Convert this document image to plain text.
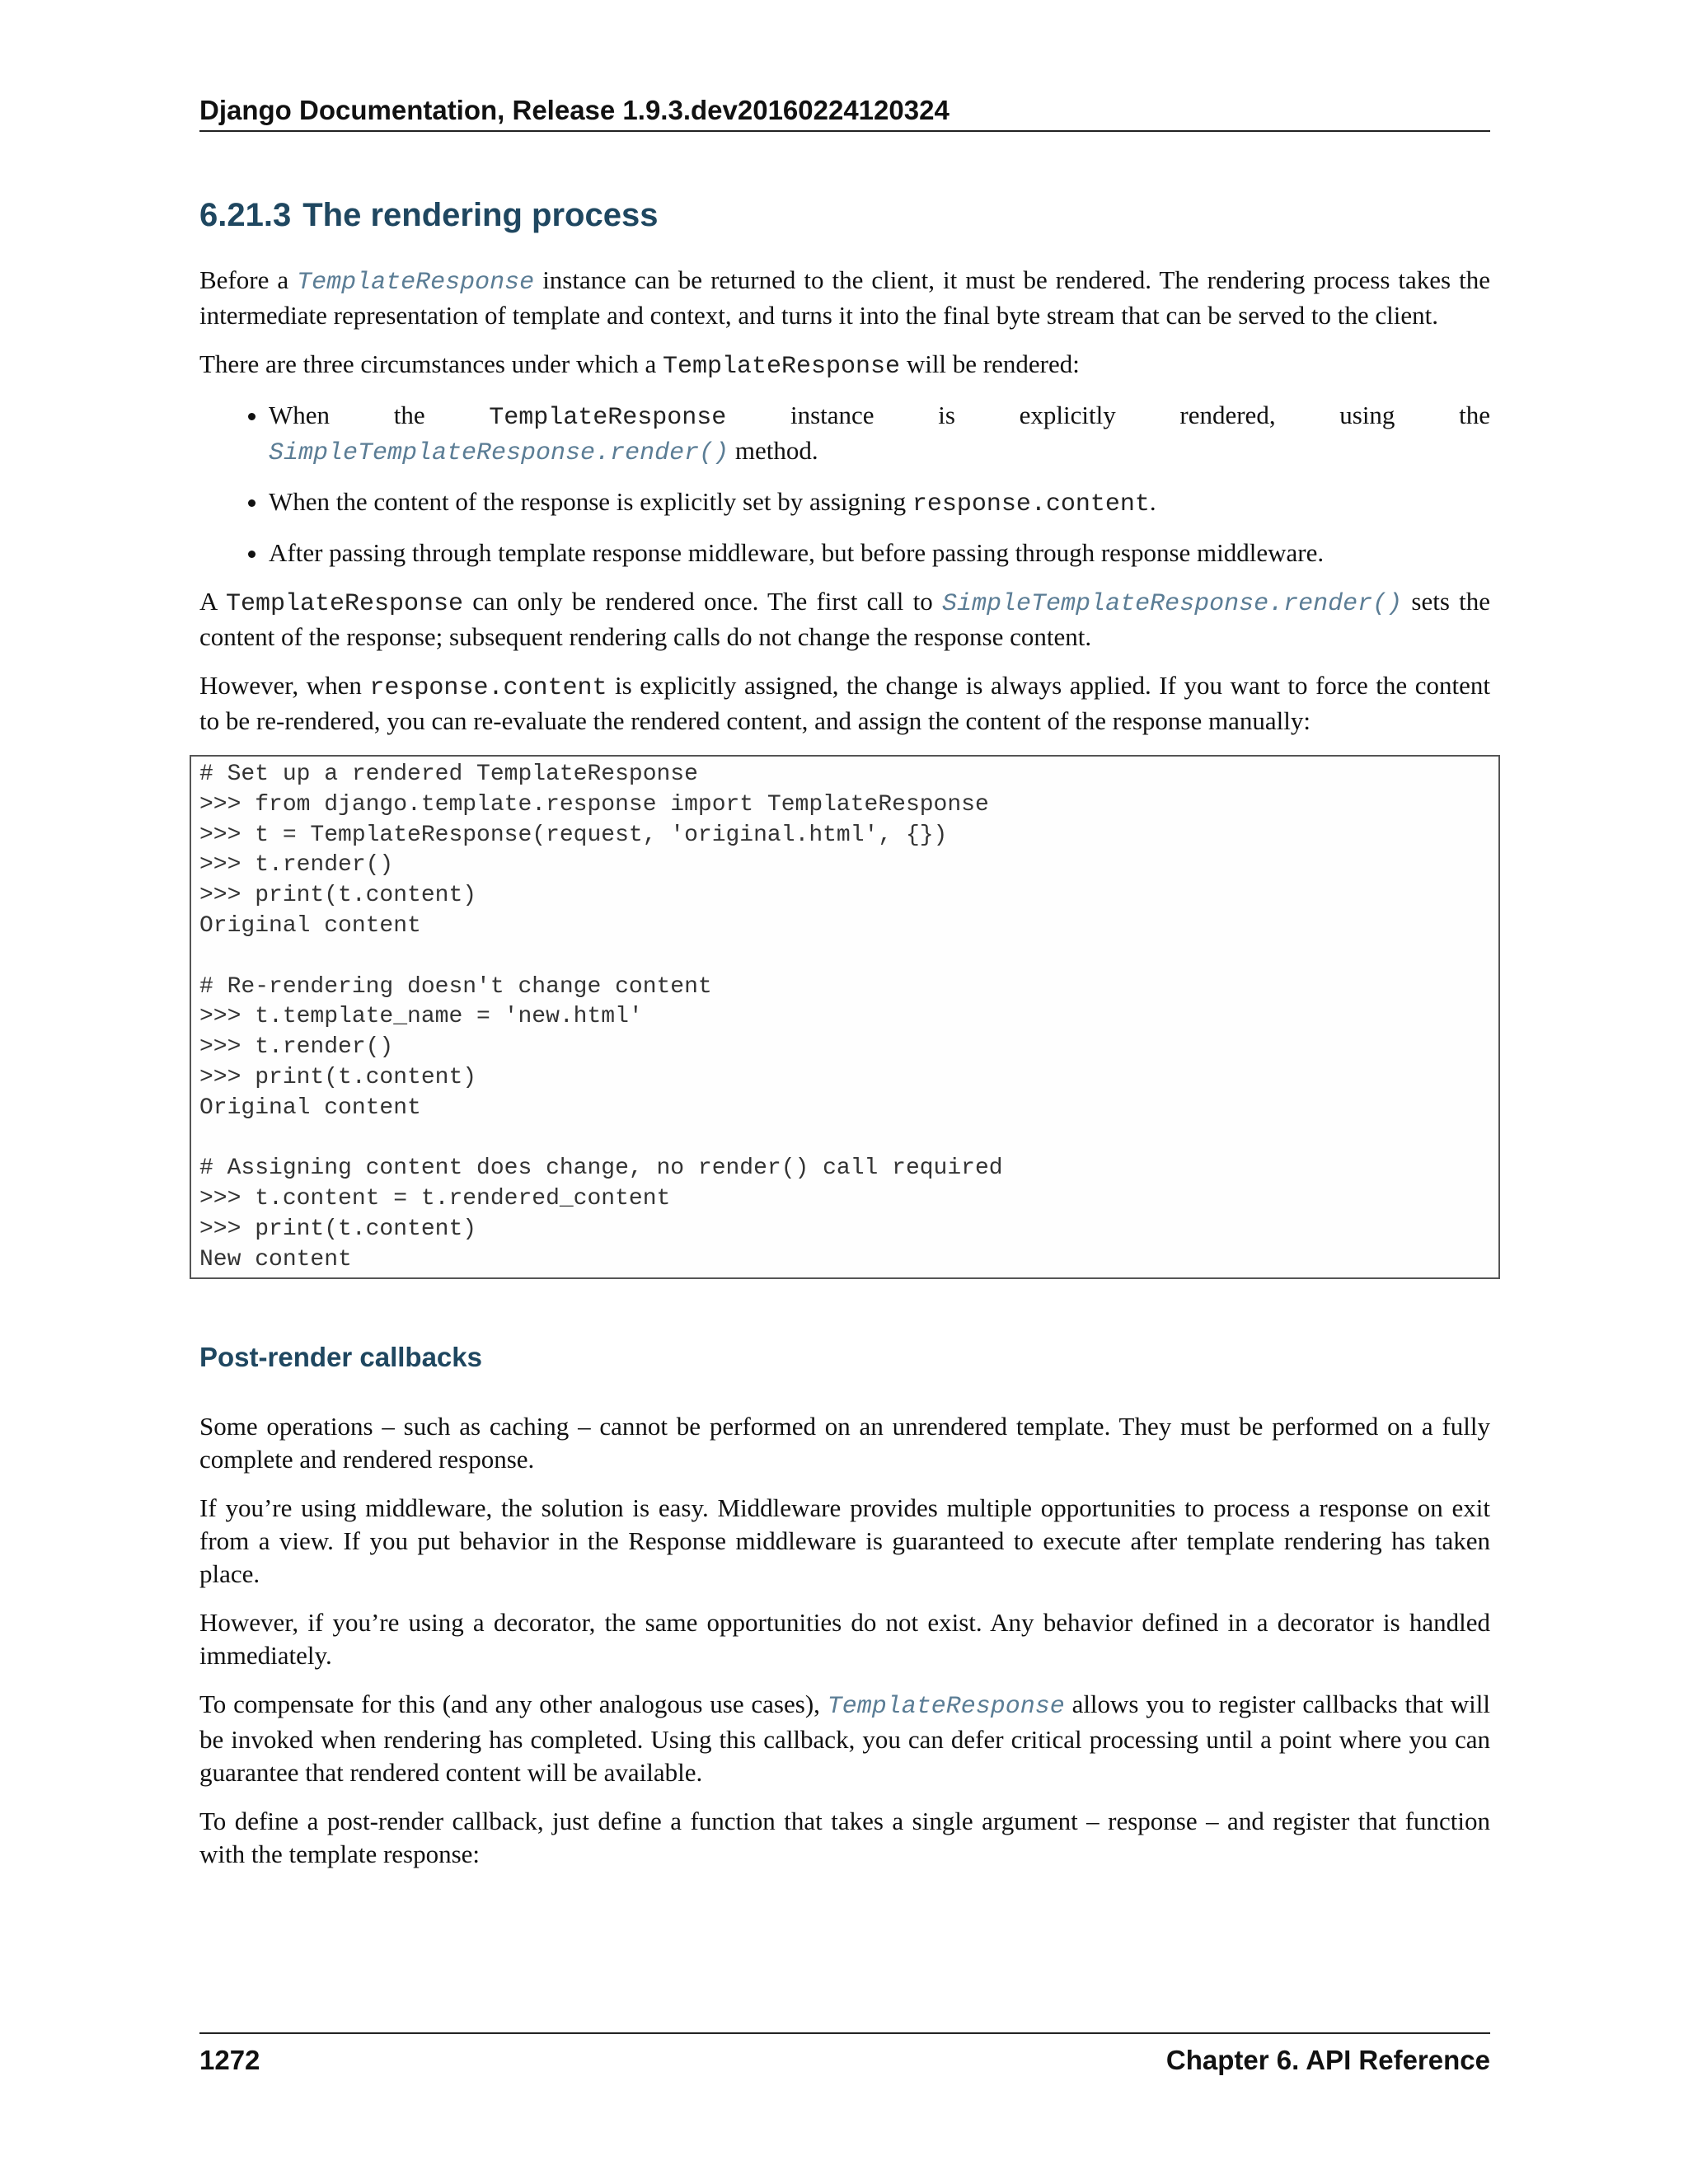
Django Documentation, Release 1.9.3.dev20160224120324
6.21.3 The rendering process

Before a TemplateResponse instance can be returned to the client, it must be rendered. The rendering process takes the intermediate representation of template and context, and turns it into the final byte stream that can be served to the client.

There are three circumstances under which a TemplateResponse will be rendered:

• When the TemplateResponse instance is explicitly rendered, using the SimpleTemplateResponse.render() method.
• When the content of the response is explicitly set by assigning response.content.
• After passing through template response middleware, but before passing through response middleware.

A TemplateResponse can only be rendered once. The first call to SimpleTemplateResponse.render() sets the content of the response; subsequent rendering calls do not change the response content.

However, when response.content is explicitly assigned, the change is always applied. If you want to force the content to be re-rendered, you can re-evaluate the rendered content, and assign the content of the response manually:

# Set up a rendered TemplateResponse
>>> from django.template.response import TemplateResponse
>>> t = TemplateResponse(request, 'original.html', {})
>>> t.render()
>>> print(t.content)
Original content

# Re-rendering doesn't change content
>>> t.template_name = 'new.html'
>>> t.render()
>>> print(t.content)
Original content

# Assigning content does change, no render() call required
>>> t.content = t.rendered_content
>>> print(t.content)
New content
Post-render callbacks

Some operations – such as caching – cannot be performed on an unrendered template. They must be performed on a fully complete and rendered response.

If you’re using middleware, the solution is easy. Middleware provides multiple opportunities to process a response on exit from a view. If you put behavior in the Response middleware is guaranteed to execute after template rendering has taken place.

However, if you’re using a decorator, the same opportunities do not exist. Any behavior defined in a decorator is handled immediately.

To compensate for this (and any other analogous use cases), TemplateResponse allows you to register callbacks that will be invoked when rendering has completed. Using this callback, you can defer critical processing until a point where you can guarantee that rendered content will be available.

To define a post-render callback, just define a function that takes a single argument – response – and register that function with the template response:

1272	Chapter 6. API Reference
